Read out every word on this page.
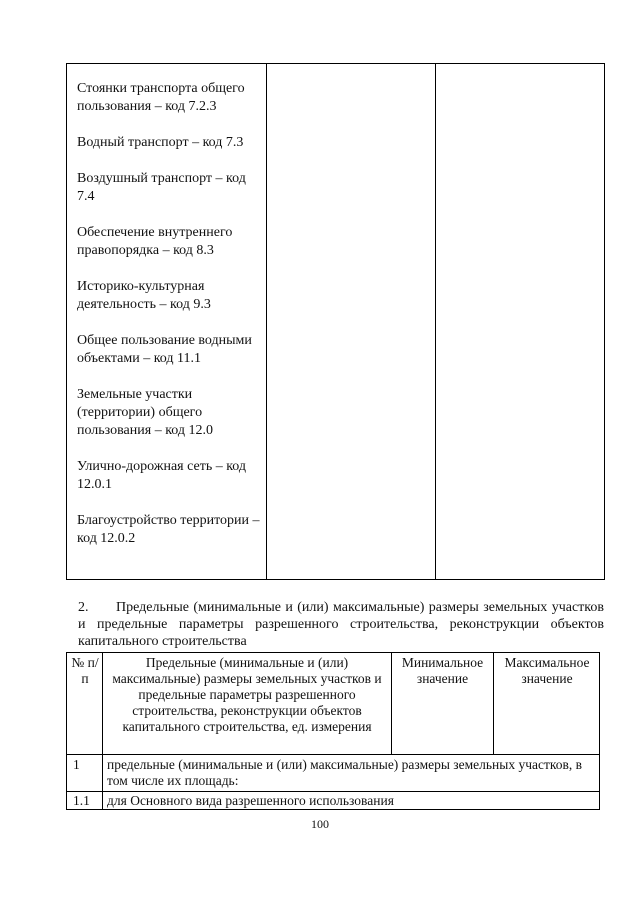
Стоянки транспорта общего пользования – код 7.2.3
Водный транспорт – код 7.3
Воздушный транспорт – код 7.4
Обеспечение внутреннего правопорядка – код 8.3
Историко-культурная деятельность – код 9.3
Общее пользование водными объектами – код 11.1
Земельные участки (территории) общего пользования – код 12.0
Улично-дорожная сеть – код 12.0.1
Благоустройство территории – код 12.0.2
2. Предельные (минимальные и (или) максимальные) размеры земельных участков и предельные параметры разрешенного строительства, реконструкции объектов капитального строительства
№ п/п
Предельные (минимальные и (или) максимальные) размеры земельных участков и предельные параметры разрешенного строительства, реконструкции объектов капитального строительства, ед. измерения
Минимальное значение
Максимальное значение
1	предельные (минимальные и (или) максимальные) размеры земельных участков, в том числе их площадь:
1.1	для Основного вида разрешенного использования
100
